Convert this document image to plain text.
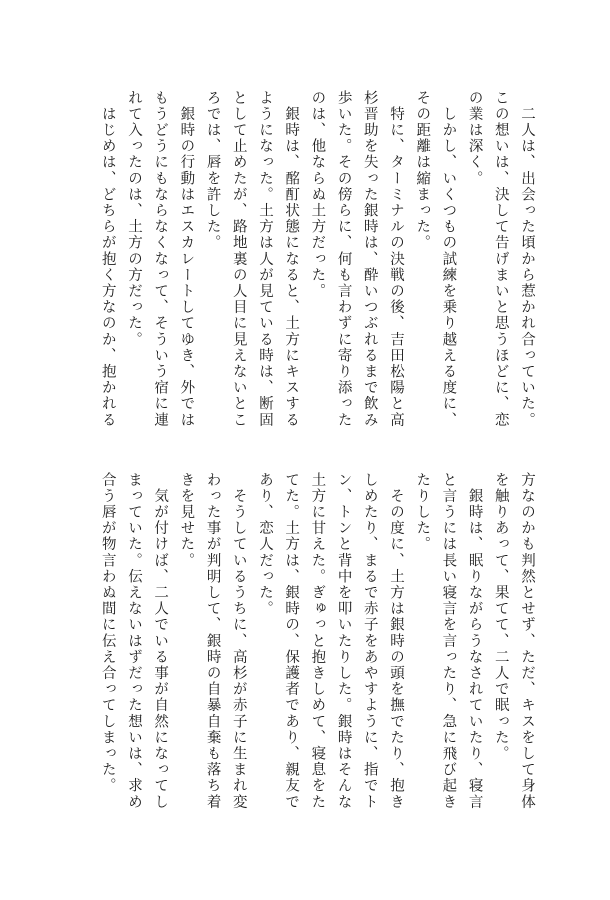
　二人は、出会った頃から惹かれ合っていた。
この想いは、決して告げまいと思うほどに、恋
の業は深く。
　しかし、いくつもの試練を乗り越える度に、
その距離は縮まった。
　特に、ターミナルの決戦の後、吉田松陽と高
杉晋助を失った銀時は、酔いつぶれるまで飲み
歩いた。その傍らに、何も言わずに寄り添った
のは、他ならぬ土方だった。
　銀時は、酩酊状態になると、土方にキスする
ようになった。土方は人が見ている時は、断固
として止めたが、路地裏の人目に見えないとこ
ろでは、唇を許した。
　銀時の行動はエスカレートしてゆき、外では
もうどうにもならなくなって、そういう宿に連
れて入ったのは、土方の方だった。
　はじめは、どちらが抱く方なのか、抱かれる
方なのかも判然とせず、ただ、キスをして身体
を触りあって、果てて、二人で眠った。
　銀時は、眠りながらうなされていたり、寝言
と言うには長い寝言を言ったり、急に飛び起き
たりした。
　その度に、土方は銀時の頭を撫でたり、抱き
しめたり、まるで赤子をあやすように、指でト
ン、トンと背中を叩いたりした。銀時はそんな
土方に甘えた。ぎゅっと抱きしめて、寝息をた
てた。土方は、銀時の、保護者であり、親友で
あり、恋人だった。
　そうしているうちに、高杉が赤子に生まれ変
わった事が判明して、銀時の自暴自棄も落ち着
きを見せた。
　気が付けば、二人でいる事が自然になってし
まっていた。伝えないはずだった想いは、求め
合う唇が物言わぬ間に伝え合ってしまった。
